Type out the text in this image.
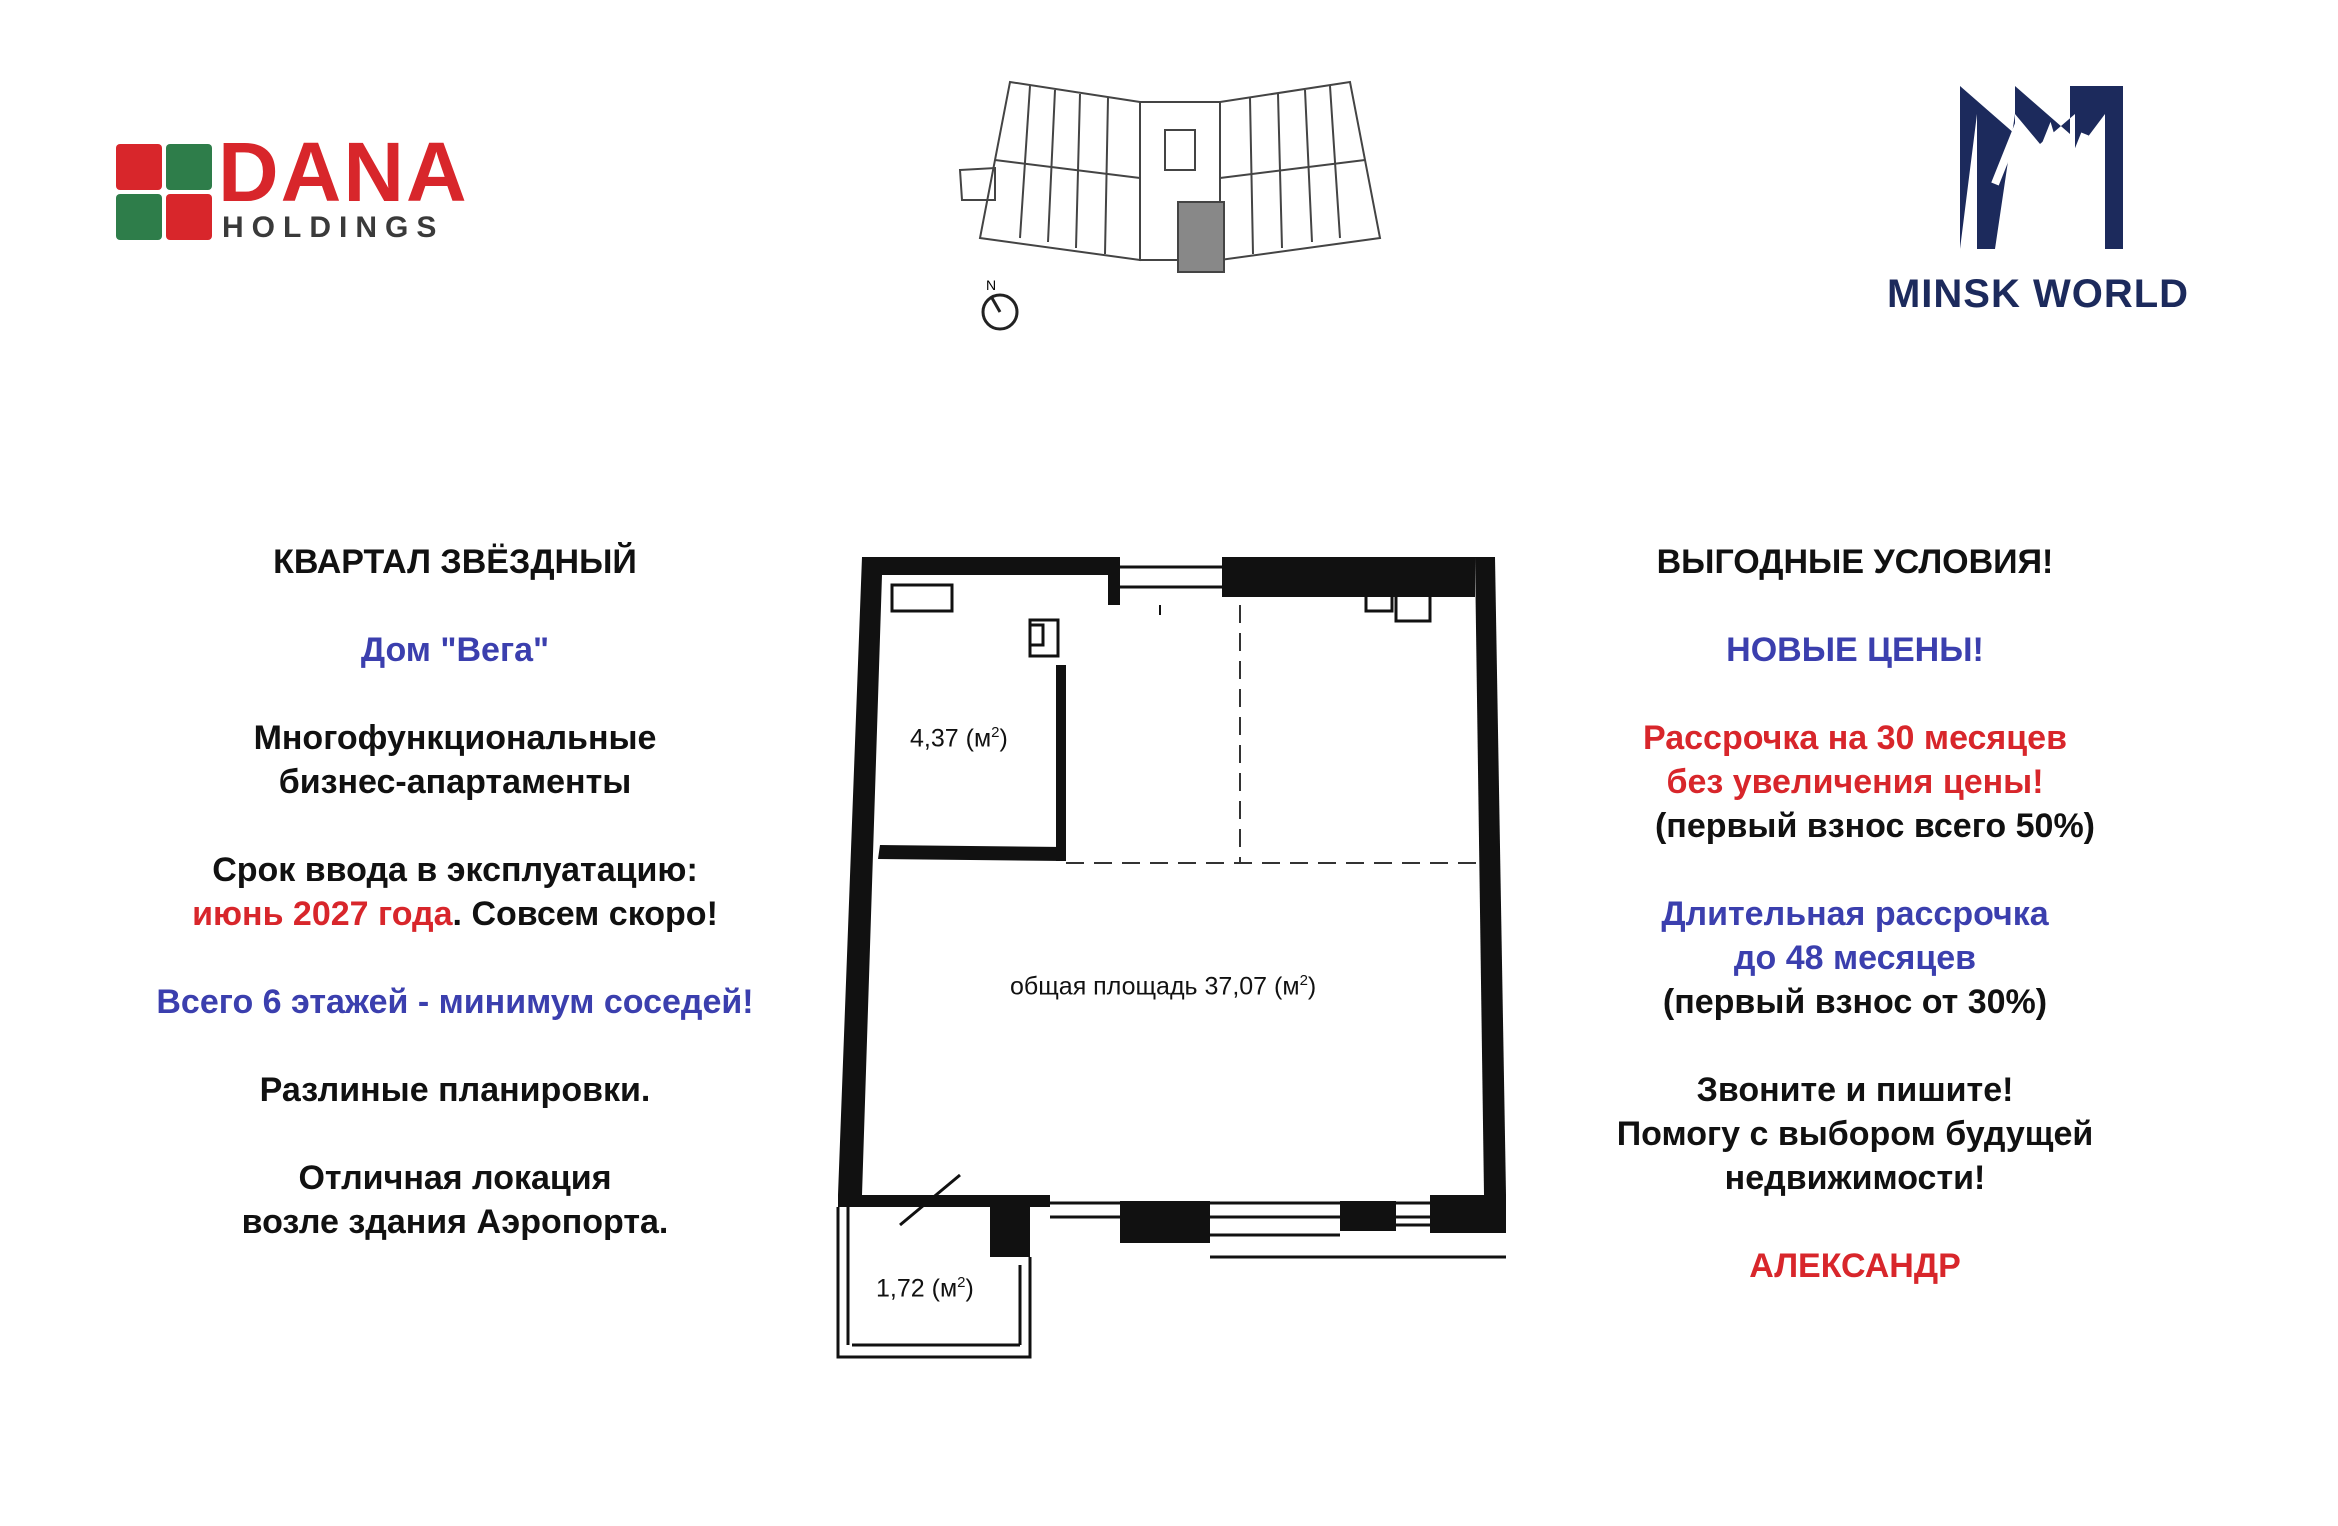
DANA
HOLDINGS
N	MINSK WORLD

КВАРТАЛ ЗВЁЗДНЫЙ

Дом "Вега"

Многофункциональные

бизнес-апартаменты

Срок ввода в эксплуатацию:

июнь 2027 года. Совсем скоро!

Всего 6 этажей - минимум соседей!

Разлиные планировки.

Отличная локация

возле здания Аэропорта.

ВЫГОДНЫЕ УСЛОВИЯ!

НОВЫЕ ЦЕНЫ!

Рассрочка на 30 месяцев

без увеличения цены!

(первый взнос всего 50%)

Длительная рассрочка

до 48 месяцев

(первый взнос от 30%)

Звоните и пишите!

Помогу с выбором будущей

недвижимости!

АЛЕКСАНДР

4,37 $(м^2)$
общая площадь 37,07 $(м^2)$
1,72 $(м^2)$
